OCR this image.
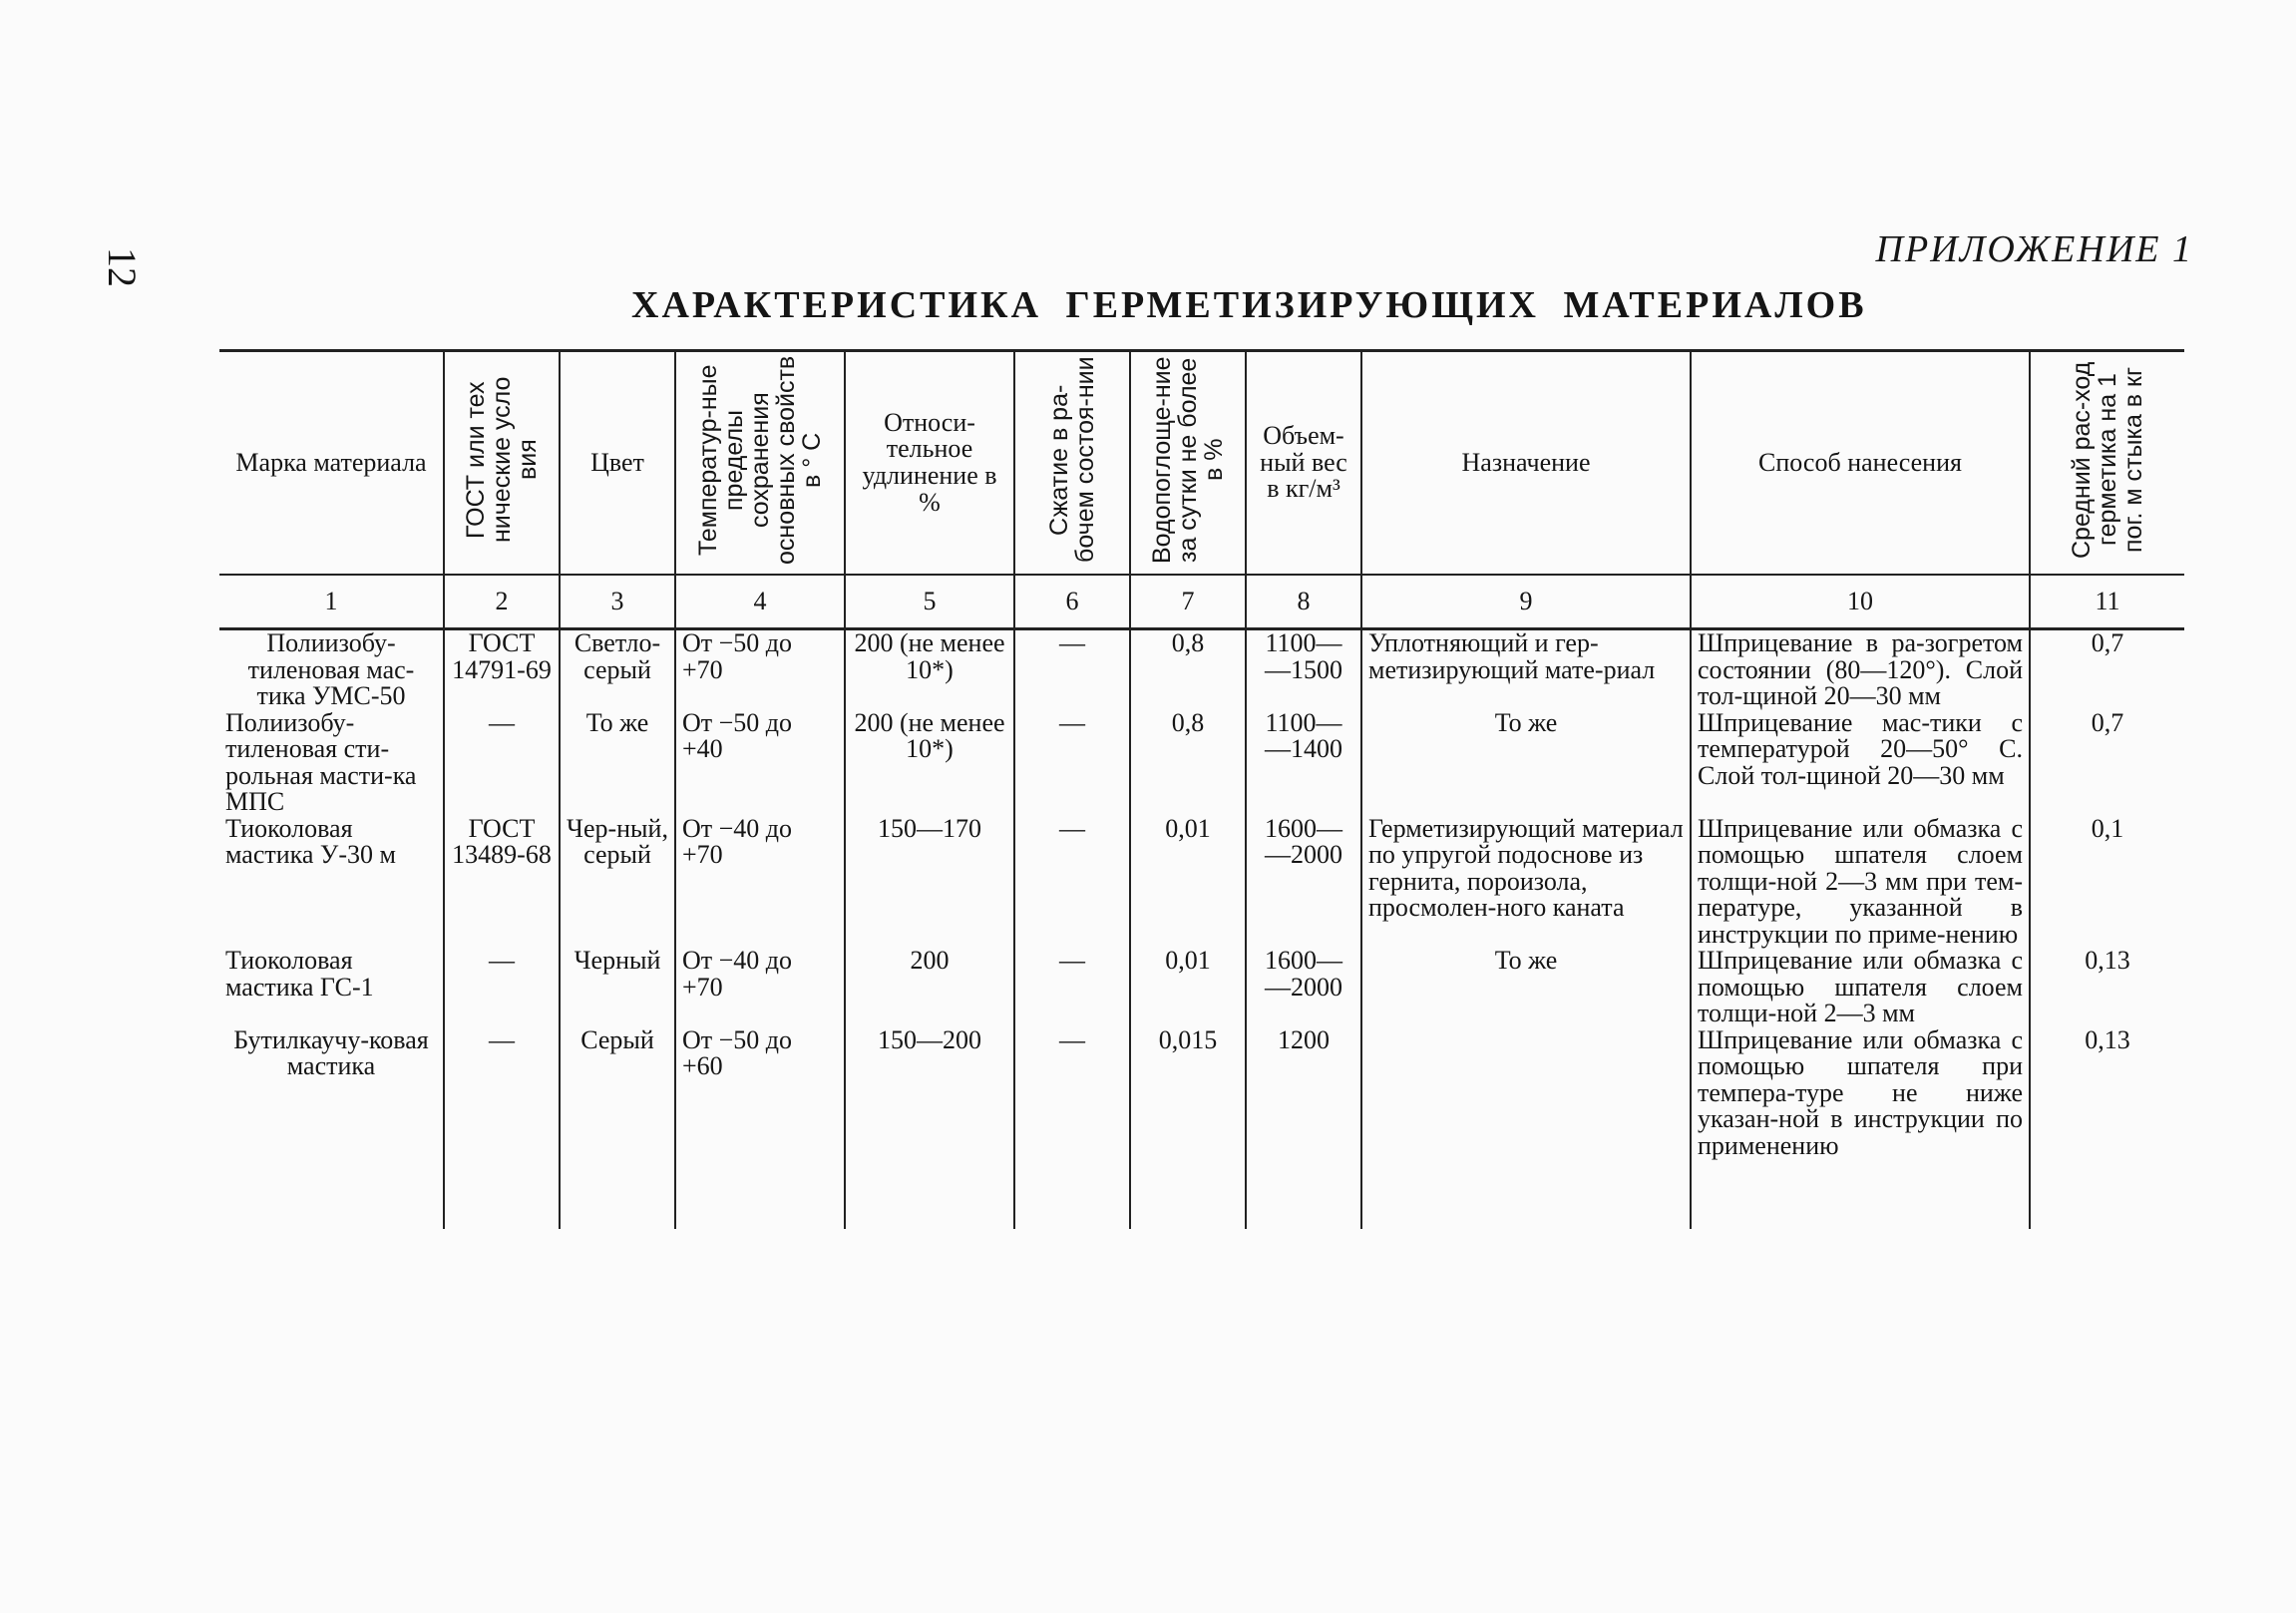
12	ПРИЛОЖЕНИЕ 1
ХАРАКТЕРИСТИКА ГЕРМЕТИЗИРУЮЩИХ МАТЕРИАЛОВ
Марка материала	ГОСТ или тех нические усло вия	Цвет	Температур-ные пределы сохранения основных свойств в ° С	Относи-тельное удлинение в %	Сжатие в ра-бочем состоя-нии	Водопоглоще-ние за сутки не более в %	Объем-ный вес в кг/м³	Назначение	Способ нанесения	Средний рас-ход герметика на 1 пог. м стыка в кг
1	2	3	4	5	6	7	8	9	10	11
Полиизобу-тиленовая мас-тика УМС-50	ГОСТ 14791-69	Светло-серый	От −50 до +70	200 (не менее 10*)	—	0,8	1100— —1500	Уплотняющий и гер-метизирующий мате-риал	Шприцевание в ра-зогретом состоянии (80—120°). Слой тол-щиной 20—30 мм	0,7
Полиизобу-тиленовая сти-рольная масти-ка МПС	—	То же	От −50 до +40	200 (не менее 10*)	—	0,8	1100— —1400	То же	Шприцевание мас-тики с температурой 20—50° С. Слой тол-щиной 20—30 мм	0,7
Тиоколовая мастика У-30 м	ГОСТ 13489-68	Чер-ный, серый	От −40 до +70	150—170	—	0,01	1600— —2000	Герметизирующий материал по упругой подоснове из гернита, пороизола, просмолен-ного каната	Шприцевание или обмазка с помощью шпателя слоем толщи-ной 2—3 мм при тем-пературе, указанной в инструкции по приме-нению	0,1
Тиоколовая мастика ГС-1	—	Черный	От −40 до +70	200	—	0,01	1600— —2000	То же	Шприцевание или обмазка с помощью шпателя слоем толщи-ной 2—3 мм	0,13
Бутилкаучу-ковая мастика	—	Серый	От −50 до +60	150—200	—	0,015	1200		Шприцевание или обмазка с помощью шпателя при темпера-туре не ниже указан-ной в инструкции по применению	0,13
